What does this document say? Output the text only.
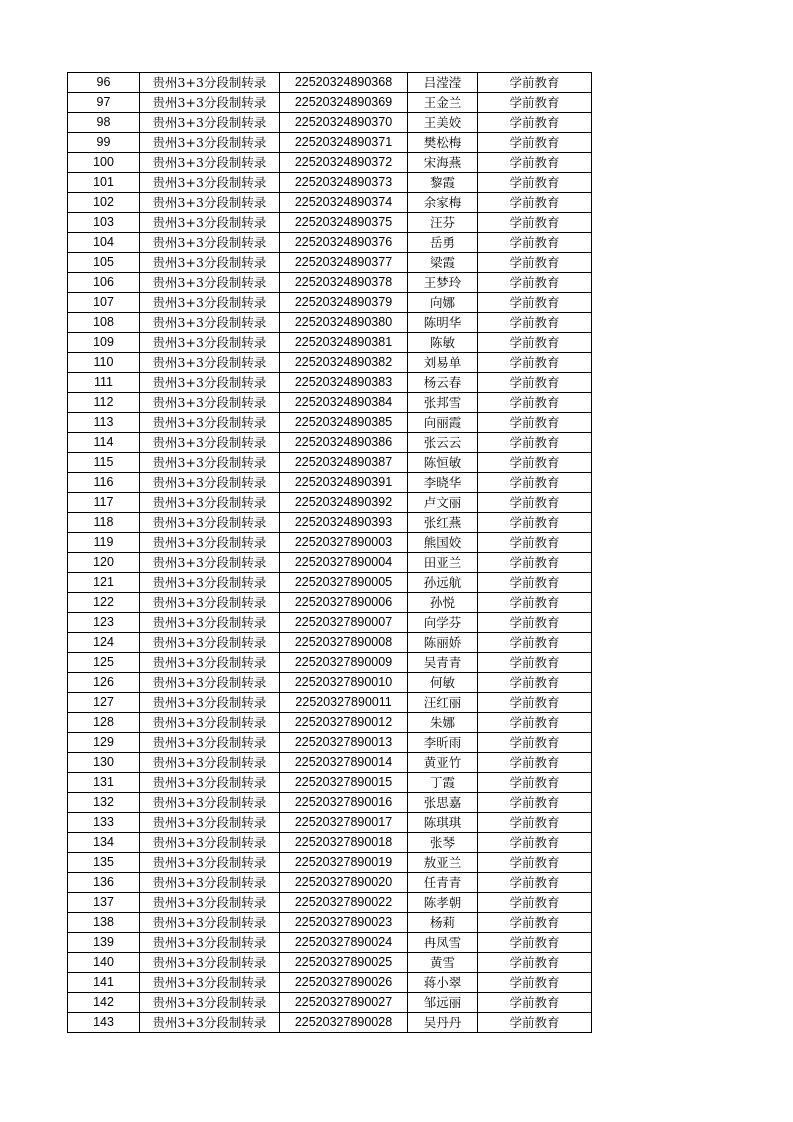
96	贵州3+3分段制转录	22520324890368	吕滢滢	学前教育
97	贵州3+3分段制转录	22520324890369	王金兰	学前教育
98	贵州3+3分段制转录	22520324890370	王美姣	学前教育
99	贵州3+3分段制转录	22520324890371	樊松梅	学前教育
100	贵州3+3分段制转录	22520324890372	宋海燕	学前教育
101	贵州3+3分段制转录	22520324890373	黎霞	学前教育
102	贵州3+3分段制转录	22520324890374	余家梅	学前教育
103	贵州3+3分段制转录	22520324890375	汪芬	学前教育
104	贵州3+3分段制转录	22520324890376	岳勇	学前教育
105	贵州3+3分段制转录	22520324890377	梁霞	学前教育
106	贵州3+3分段制转录	22520324890378	王梦玲	学前教育
107	贵州3+3分段制转录	22520324890379	向娜	学前教育
108	贵州3+3分段制转录	22520324890380	陈明华	学前教育
109	贵州3+3分段制转录	22520324890381	陈敏	学前教育
110	贵州3+3分段制转录	22520324890382	刘易单	学前教育
111	贵州3+3分段制转录	22520324890383	杨云春	学前教育
112	贵州3+3分段制转录	22520324890384	张邦雪	学前教育
113	贵州3+3分段制转录	22520324890385	向丽霞	学前教育
114	贵州3+3分段制转录	22520324890386	张云云	学前教育
115	贵州3+3分段制转录	22520324890387	陈恒敏	学前教育
116	贵州3+3分段制转录	22520324890391	李晓华	学前教育
117	贵州3+3分段制转录	22520324890392	卢文丽	学前教育
118	贵州3+3分段制转录	22520324890393	张红燕	学前教育
119	贵州3+3分段制转录	22520327890003	熊国姣	学前教育
120	贵州3+3分段制转录	22520327890004	田亚兰	学前教育
121	贵州3+3分段制转录	22520327890005	孙远航	学前教育
122	贵州3+3分段制转录	22520327890006	孙悦	学前教育
123	贵州3+3分段制转录	22520327890007	向学芬	学前教育
124	贵州3+3分段制转录	22520327890008	陈丽娇	学前教育
125	贵州3+3分段制转录	22520327890009	吴青青	学前教育
126	贵州3+3分段制转录	22520327890010	何敏	学前教育
127	贵州3+3分段制转录	22520327890011	汪红丽	学前教育
128	贵州3+3分段制转录	22520327890012	朱娜	学前教育
129	贵州3+3分段制转录	22520327890013	李昕雨	学前教育
130	贵州3+3分段制转录	22520327890014	黄亚竹	学前教育
131	贵州3+3分段制转录	22520327890015	丁霞	学前教育
132	贵州3+3分段制转录	22520327890016	张思嘉	学前教育
133	贵州3+3分段制转录	22520327890017	陈琪琪	学前教育
134	贵州3+3分段制转录	22520327890018	张琴	学前教育
135	贵州3+3分段制转录	22520327890019	敖亚兰	学前教育
136	贵州3+3分段制转录	22520327890020	任青青	学前教育
137	贵州3+3分段制转录	22520327890022	陈孝朝	学前教育
138	贵州3+3分段制转录	22520327890023	杨莉	学前教育
139	贵州3+3分段制转录	22520327890024	冉凤雪	学前教育
140	贵州3+3分段制转录	22520327890025	黄雪	学前教育
141	贵州3+3分段制转录	22520327890026	蒋小翠	学前教育
142	贵州3+3分段制转录	22520327890027	邹远丽	学前教育
143	贵州3+3分段制转录	22520327890028	吴丹丹	学前教育
